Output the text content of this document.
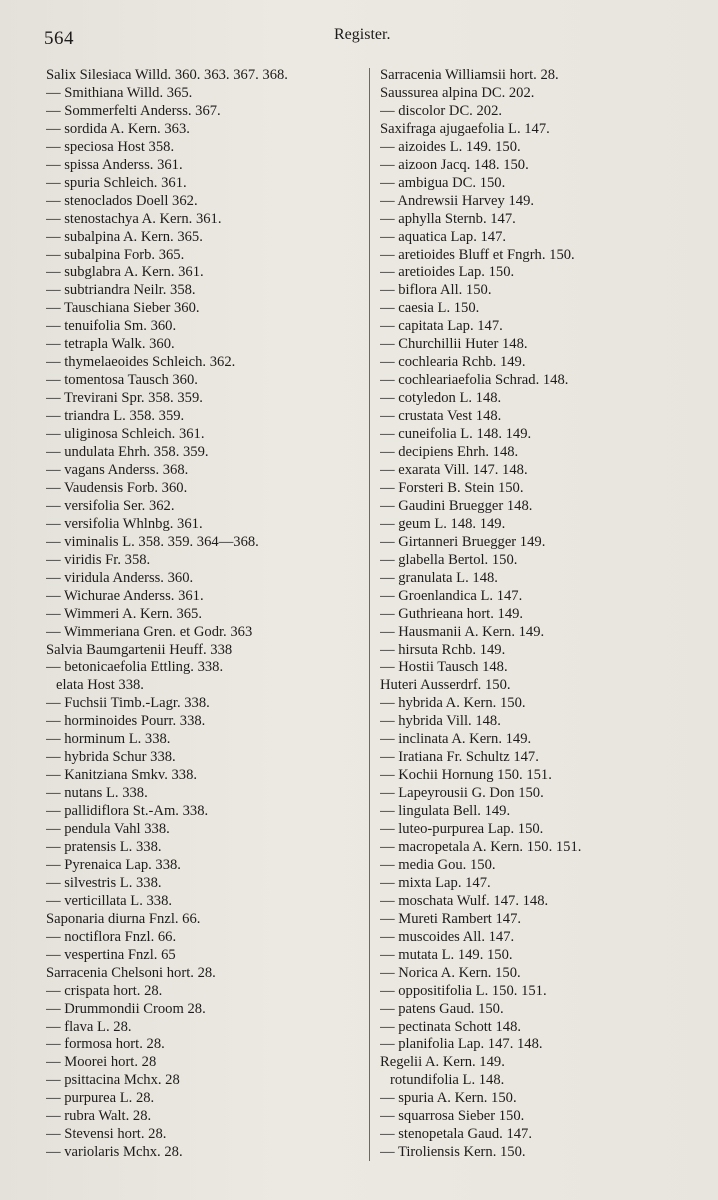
564	Register.
Salix Silesiaca Willd. 360. 363. 367. 368.
— Smithiana Willd. 365.
— Sommerfelti Anderss. 367.
— sordida A. Kern. 363.
— speciosa Host 358.
— spissa Anderss. 361.
— spuria Schleich. 361.
— stenoclados Doell 362.
— stenostachya A. Kern. 361.
— subalpina A. Kern. 365.
— subalpina Forb. 365.
— subglabra A. Kern. 361.
— subtriandra Neilr. 358.
— Tauschiana Sieber 360.
— tenuifolia Sm. 360.
— tetrapla Walk. 360.
— thymelaeoides Schleich. 362.
— tomentosa Tausch 360.
— Trevirani Spr. 358. 359.
— triandra L. 358. 359.
— uliginosa Schleich. 361.
— undulata Ehrh. 358. 359.
— vagans Anderss. 368.
— Vaudensis Forb. 360.
— versifolia Ser. 362.
— versifolia Whlnbg. 361.
— viminalis L. 358. 359. 364—368.
— viridis Fr. 358.
— viridula Anderss. 360.
— Wichurae Anderss. 361.
— Wimmeri A. Kern. 365.
— Wimmeriana Gren. et Godr. 363
Salvia Baumgartenii Heuff. 338
— betonicaefolia Ettling. 338.
elata Host 338.
— Fuchsii Timb.-Lagr. 338.
— horminoides Pourr. 338.
— horminum L. 338.
— hybrida Schur 338.
— Kanitziana Smkv. 338.
— nutans L. 338.
— pallidiflora St.-Am. 338.
— pendula Vahl 338.
— pratensis L. 338.
— Pyrenaica Lap. 338.
— silvestris L. 338.
— verticillata L. 338.
Saponaria diurna Fnzl. 66.
— noctiflora Fnzl. 66.
— vespertina Fnzl. 65
Sarracenia Chelsoni hort. 28.
— crispata hort. 28.
— Drummondii Croom 28.
— flava L. 28.
— formosa hort. 28.
— Moorei hort. 28
— psittacina Mchx. 28
— purpurea L. 28.
— rubra Walt. 28.
— Stevensi hort. 28.
— variolaris Mchx. 28.
Sarracenia Williamsii hort. 28.
Saussurea alpina DC. 202.
— discolor DC. 202.
Saxifraga ajugaefolia L. 147.
— aizoides L. 149. 150.
— aizoon Jacq. 148. 150.
— ambigua DC. 150.
— Andrewsii Harvey 149.
— aphylla Sternb. 147.
— aquatica Lap. 147.
— aretioides Bluff et Fngrh. 150.
— aretioides Lap. 150.
— biflora All. 150.
— caesia L. 150.
— capitata Lap. 147.
— Churchillii Huter 148.
— cochlearia Rchb. 149.
— cochleariaefolia Schrad. 148.
— cotyledon L. 148.
— crustata Vest 148.
— cuneifolia L. 148. 149.
— decipiens Ehrh. 148.
— exarata Vill. 147. 148.
— Forsteri B. Stein 150.
— Gaudini Bruegger 148.
— geum L. 148. 149.
— Girtanneri Bruegger 149.
— glabella Bertol. 150.
— granulata L. 148.
— Groenlandica L. 147.
— Guthrieana hort. 149.
— Hausmanii A. Kern. 149.
— hirsuta Rchb. 149.
— Hostii Tausch 148.
Huteri Ausserdrf. 150.
— hybrida A. Kern. 150.
— hybrida Vill. 148.
— inclinata A. Kern. 149.
— Iratiana Fr. Schultz 147.
— Kochii Hornung 150. 151.
— Lapeyrousii G. Don 150.
— lingulata Bell. 149.
— luteo-purpurea Lap. 150.
— macropetala A. Kern. 150. 151.
— media Gou. 150.
— mixta Lap. 147.
— moschata Wulf. 147. 148.
— Mureti Rambert 147.
— muscoides All. 147.
— mutata L. 149. 150.
— Norica A. Kern. 150.
— oppositifolia L. 150. 151.
— patens Gaud. 150.
— pectinata Schott 148.
— planifolia Lap. 147. 148.
Regelii A. Kern. 149.
rotundifolia L. 148.
— spuria A. Kern. 150.
— squarrosa Sieber 150.
— stenopetala Gaud. 147.
— Tiroliensis Kern. 150.
